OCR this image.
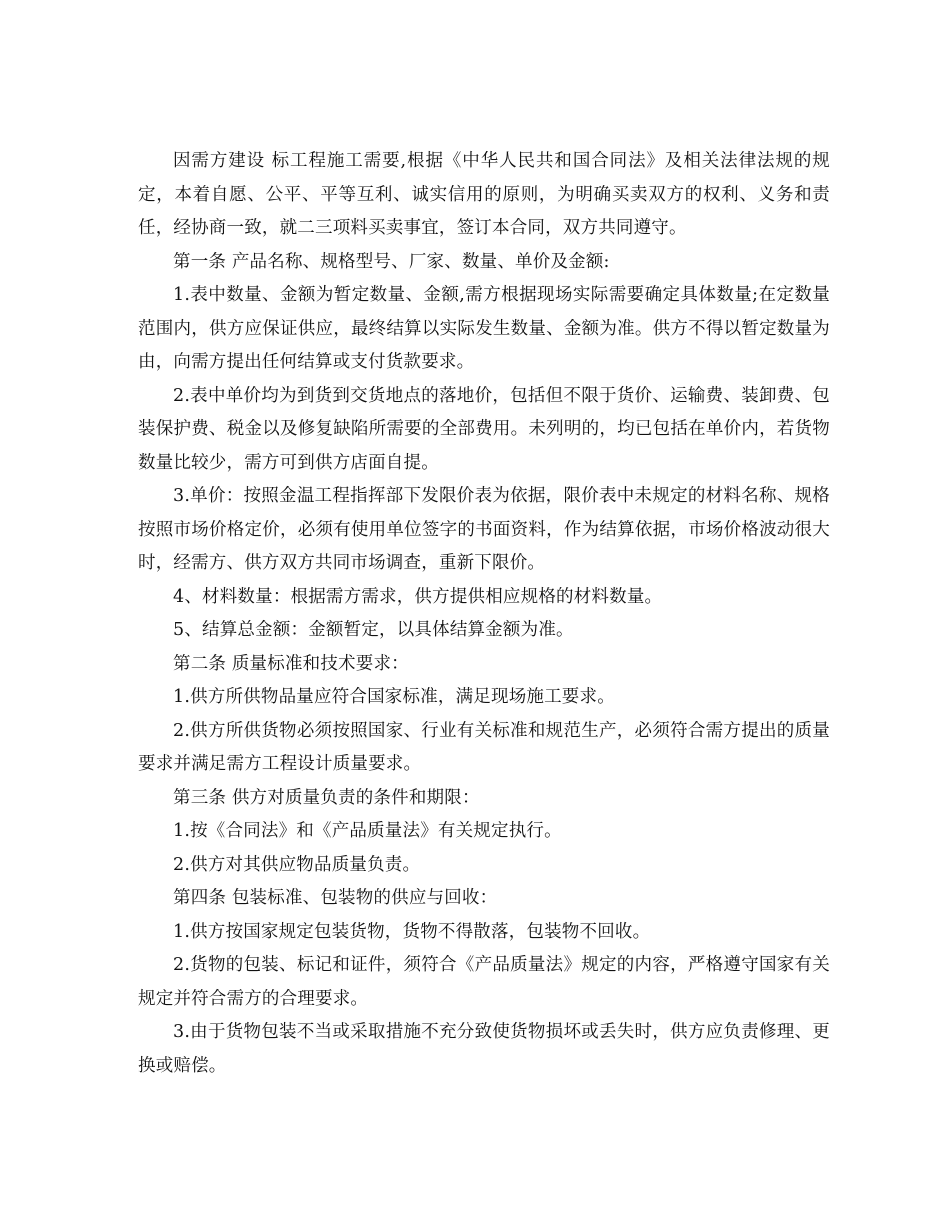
因需方建设 标工程施工需要,根据《中华人民共和国合同法》及相关法律法规的规定，本着自愿、公平、平等互利、诚实信用的原则，为明确买卖双方的权利、义务和责任，经协商一致，就二三项料买卖事宜，签订本合同，双方共同遵守。

第一条 产品名称、规格型号、厂家、数量、单价及金额:

1.表中数量、金额为暂定数量、金额,需方根据现场实际需要确定具体数量;在定数量范围内，供方应保证供应，最终结算以实际发生数量、金额为准。供方不得以暂定数量为由，向需方提出任何结算或支付货款要求。

2.表中单价均为到货到交货地点的落地价，包括但不限于货价、运输费、装卸费、包装保护费、税金以及修复缺陷所需要的全部费用。未列明的，均已包括在单价内，若货物数量比较少，需方可到供方店面自提。

3.单价：按照金温工程指挥部下发限价表为依据，限价表中未规定的材料名称、规格按照市场价格定价，必须有使用单位签字的书面资料，作为结算依据，市场价格波动很大时，经需方、供方双方共同市场调查，重新下限价。

4、材料数量：根据需方需求，供方提供相应规格的材料数量。

5、结算总金额：金额暂定，以具体结算金额为准。

第二条 质量标准和技术要求：

1.供方所供物品量应符合国家标准，满足现场施工要求。

2.供方所供货物必须按照国家、行业有关标准和规范生产，必须符合需方提出的质量要求并满足需方工程设计质量要求。

第三条 供方对质量负责的条件和期限：

1.按《合同法》和《产品质量法》有关规定执行。

2.供方对其供应物品质量负责。

第四条 包装标准、包装物的供应与回收：

1.供方按国家规定包装货物，货物不得散落，包装物不回收。

2.货物的包装、标记和证件，须符合《产品质量法》规定的内容，严格遵守国家有关规定并符合需方的合理要求。

3.由于货物包装不当或采取措施不充分致使货物损坏或丢失时，供方应负责修理、更换或赔偿。
